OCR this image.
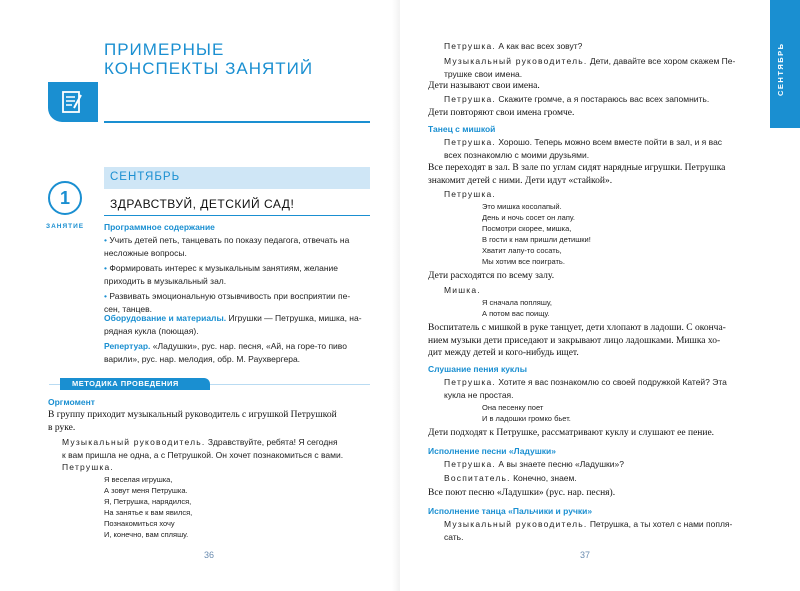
ПРИМЕРНЫЕ
КОНСПЕКТЫ ЗАНЯТИЙ
1
ЗАНЯТИЕ
СЕНТЯБРЬ
ЗДРАВСТВУЙ, ДЕТСКИЙ САД!
Программное содержание
• Учить детей петь, танцевать по показу педагога, отвечать на
несложные вопросы.
• Формировать интерес к музыкальным занятиям, желание
приходить в музыкальный зал.
• Развивать эмоциональную отзывчивость при восприятии пе-
сен, танцев.
Оборудование и материалы. Игрушки — Петрушка, мишка, на-
рядная кукла (поющая).
Репертуар. «Ладушки», рус. нар. песня, «Ай, на горе-то пиво
варили», рус. нар. мелодия, обр. М. Раухвергера.
МЕТОДИКА ПРОВЕДЕНИЯ
Оргмомент
В группу приходит музыкальный руководитель с игрушкой Петрушкой
в руке.
Музыкальный руководитель. Здравствуйте, ребята! Я сегодня
к вам пришла не одна, а с Петрушкой. Он хочет познакомиться с вами.
Петрушка.
Я веселая игрушка,
А зовут меня Петрушка.
Я, Петрушка, нарядился,
На занятье к вам явился,
Познакомиться хочу
И, конечно, вам спляшу.
36
Петрушка. А как вас всех зовут?
Музыкальный руководитель. Дети, давайте все хором скажем Пе-
трушке свои имена.
Дети называют свои имена.
Петрушка. Скажите громче, а я постараюсь вас всех запомнить.
Дети повторяют свои имена громче.
Танец с мишкой
Петрушка. Хорошо. Теперь можно всем вместе пойти в зал, и я вас
всех познакомлю с моими друзьями.
Все переходят в зал. В зале по углам сидят нарядные игрушки. Петрушка
знакомит детей с ними. Дети идут «стайкой».
Петрушка.
Это мишка косолапый.
День и ночь сосет он лапу.
Посмотри скорее, мишка,
В гости к нам пришли детишки!
Хватит лапу-то сосать,
Мы хотим все поиграть.
Дети расходятся по всему залу.
Мишка.
Я сначала попляшу,
А потом вас поищу.
Воспитатель с мишкой в руке танцует, дети хлопают в ладоши. С оконча-
нием музыки дети приседают и закрывают лицо ладошками. Мишка хо-
дит между детей и кого-нибудь ищет.
Слушание пения куклы
Петрушка. Хотите я вас познакомлю со своей подружкой Катей? Эта
кукла не простая.
Она песенку поет
И в ладошки громко бьет.
Дети подходят к Петрушке, рассматривают куклу и слушают ее пение.
Исполнение песни «Ладушки»
Петрушка. А вы знаете песню «Ладушки»?
Воспитатель. Конечно, знаем.
Все поют песню «Ладушки» (рус. нар. песня).
Исполнение танца «Пальчики и ручки»
Музыкальный руководитель. Петрушка, а ты хотел с нами попля-
сать.
37
СЕНТЯБРЬ
